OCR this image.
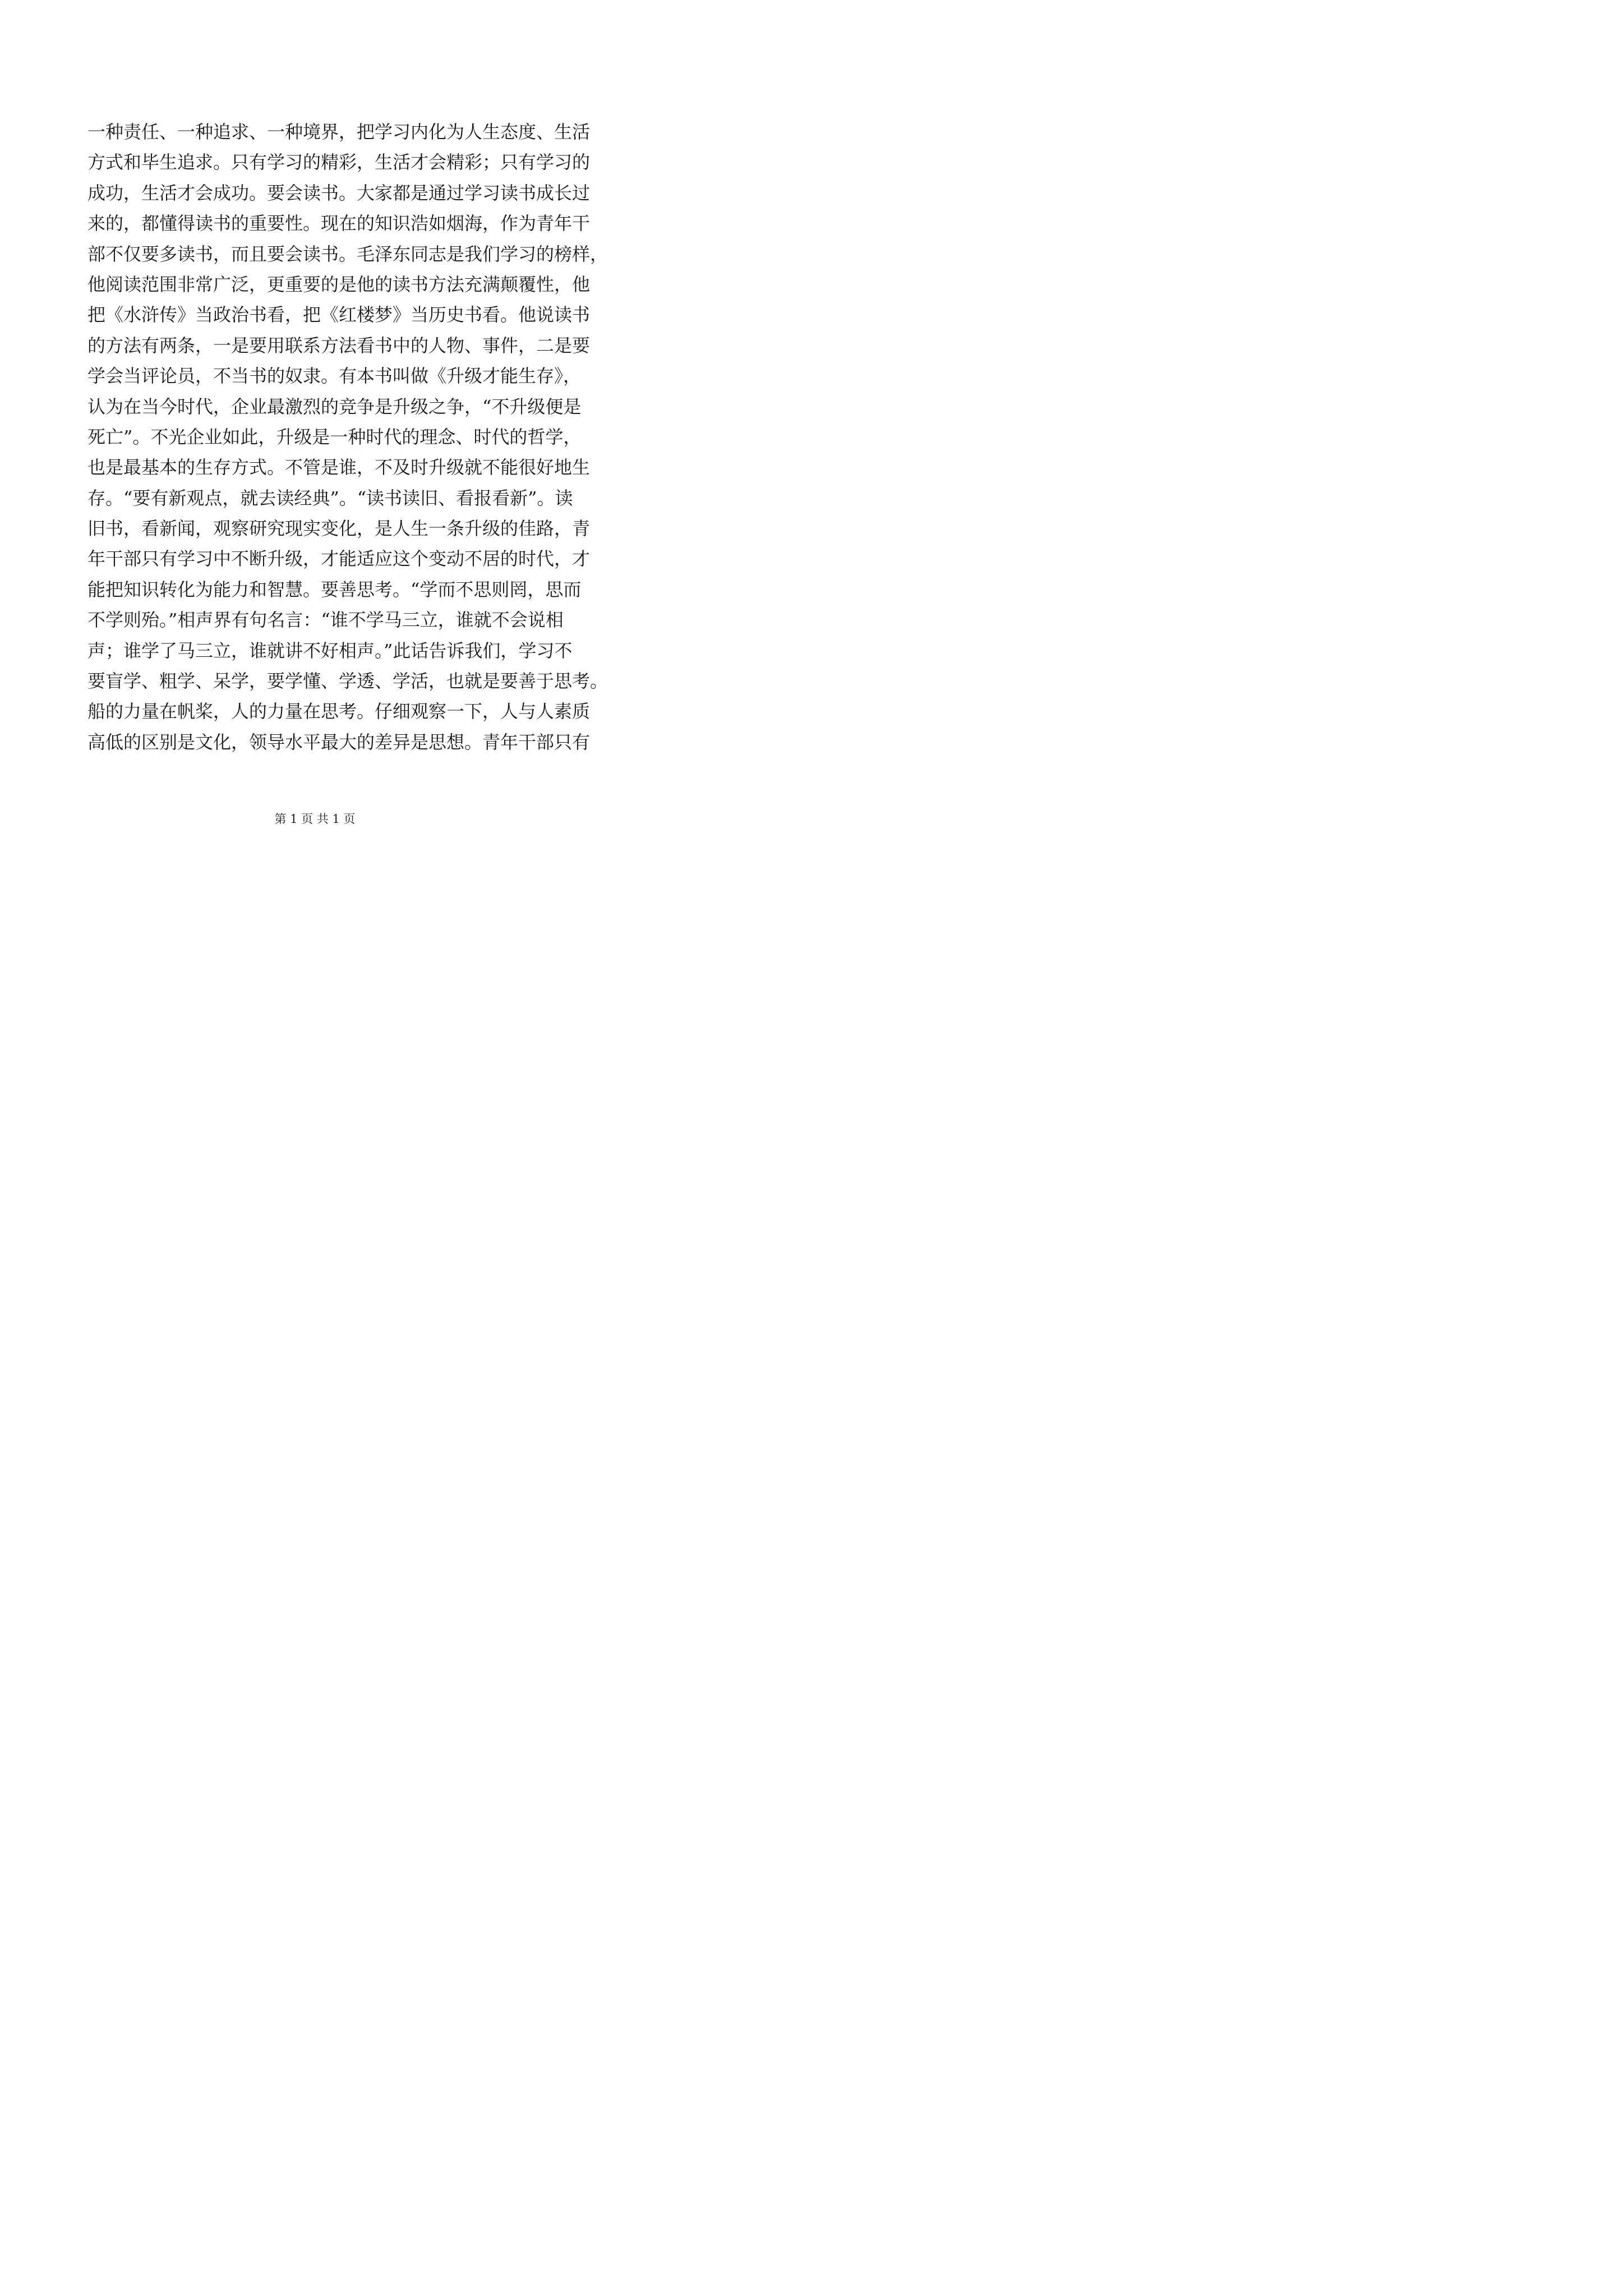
一种责任、一种追求、一种境界，把学习内化为人生态度、生活
方式和毕生追求。只有学习的精彩，生活才会精彩；只有学习的
成功，生活才会成功。要会读书。大家都是通过学习读书成长过
来的，都懂得读书的重要性。现在的知识浩如烟海，作为青年干
部不仅要多读书，而且要会读书。毛泽东同志是我们学习的榜样，
他阅读范围非常广泛，更重要的是他的读书方法充满颠覆性，他
把《水浒传》当政治书看，把《红楼梦》当历史书看。他说读书
的方法有两条，一是要用联系方法看书中的人物、事件，二是要
学会当评论员，不当书的奴隶。有本书叫做《升级才能生存》，
认为在当今时代，企业最激烈的竞争是升级之争，“不升级便是
死亡”。不光企业如此，升级是一种时代的理念、时代的哲学，
也是最基本的生存方式。不管是谁，不及时升级就不能很好地生
存。“要有新观点，就去读经典”。“读书读旧、看报看新”。读
旧书，看新闻，观察研究现实变化，是人生一条升级的佳路，青
年干部只有学习中不断升级，才能适应这个变动不居的时代，才
能把知识转化为能力和智慧。要善思考。“学而不思则罔，思而
不学则殆。”相声界有句名言：“谁不学马三立，谁就不会说相
声；谁学了马三立，谁就讲不好相声。”此话告诉我们，学习不
要盲学、粗学、呆学，要学懂、学透、学活，也就是要善于思考。
船的力量在帆桨，人的力量在思考。仔细观察一下，人与人素质
高低的区别是文化，领导水平最大的差异是思想。青年干部只有
第 1 页 共 1 页
